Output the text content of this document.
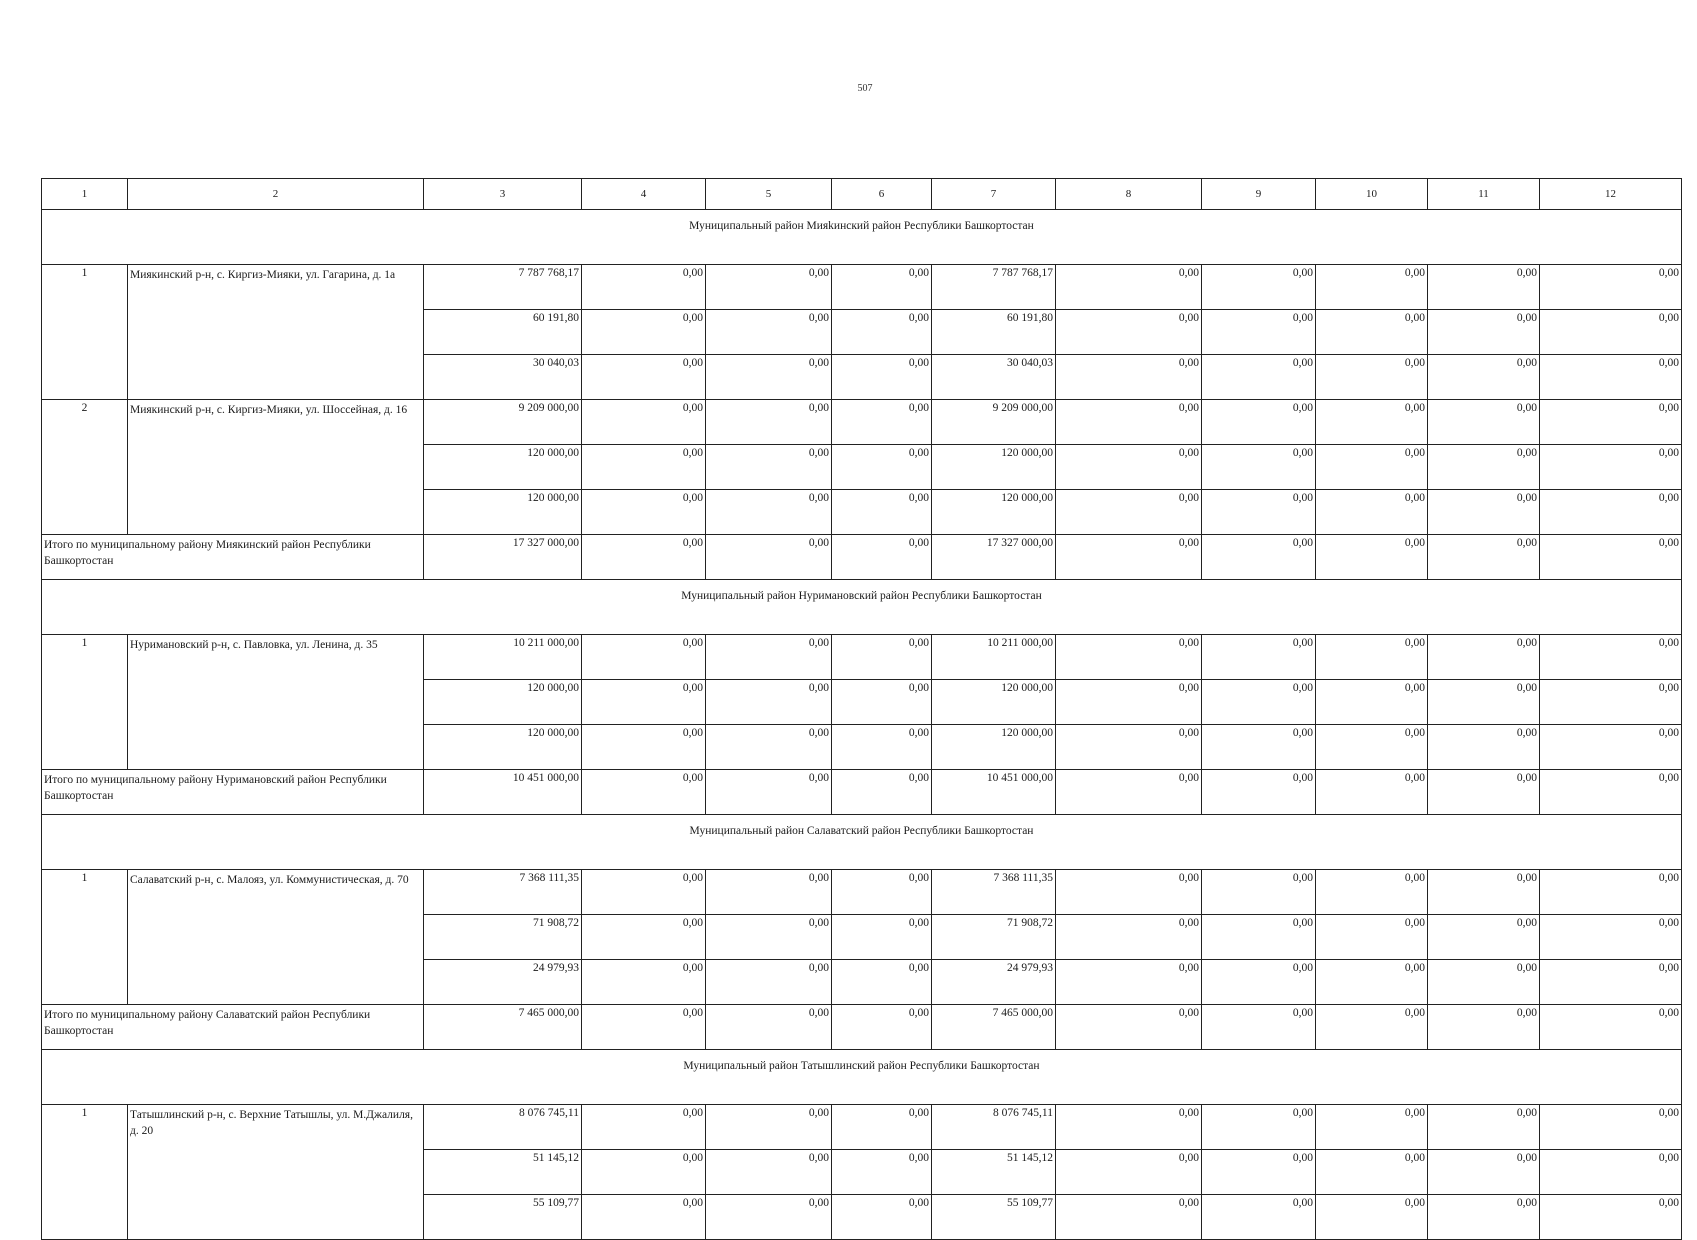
507
1	2	3	4	5	6	7	8	9	10	11	12
Муниципальный район Мияkинский район Республики Башкортостан											
1	Миякинский р-н, с. Киргиз-Мияки, ул. Гагарина, д. 1а	7 787 768,17	0,00	0,00	0,00	7 787 768,17	0,00	0,00	0,00	0,00	0,00
		60 191,80	0,00	0,00	0,00	60 191,80	0,00	0,00	0,00	0,00	0,00
		30 040,03	0,00	0,00	0,00	30 040,03	0,00	0,00	0,00	0,00	0,00
2	Миякинский р-н, с. Киргиз-Мияки, ул. Шоссейная, д. 16	9 209 000,00	0,00	0,00	0,00	9 209 000,00	0,00	0,00	0,00	0,00	0,00
		120 000,00	0,00	0,00	0,00	120 000,00	0,00	0,00	0,00	0,00	0,00
		120 000,00	0,00	0,00	0,00	120 000,00	0,00	0,00	0,00	0,00	0,00
Итого по муниципальному району Миякинский район Республики Башкортостан		17 327 000,00	0,00	0,00	0,00	17 327 000,00	0,00	0,00	0,00	0,00	0,00
Муниципальный район Нуримановский район Республики Башкортостан											
1	Нуримановский р-н, с. Павловка, ул. Ленина, д. 35	10 211 000,00	0,00	0,00	0,00	10 211 000,00	0,00	0,00	0,00	0,00	0,00
		120 000,00	0,00	0,00	0,00	120 000,00	0,00	0,00	0,00	0,00	0,00
		120 000,00	0,00	0,00	0,00	120 000,00	0,00	0,00	0,00	0,00	0,00
Итого по муниципальному району Нуримановский район Республики Башкортостан		10 451 000,00	0,00	0,00	0,00	10 451 000,00	0,00	0,00	0,00	0,00	0,00
Муниципальный район Салаватский район Республики Башкортостан											
1	Салаватский р-н, с. Малояз, ул. Коммунистическая, д. 70	7 368 111,35	0,00	0,00	0,00	7 368 111,35	0,00	0,00	0,00	0,00	0,00
		71 908,72	0,00	0,00	0,00	71 908,72	0,00	0,00	0,00	0,00	0,00
		24 979,93	0,00	0,00	0,00	24 979,93	0,00	0,00	0,00	0,00	0,00
Итого по муниципальному району Салаватский район Республики Башкортостан		7 465 000,00	0,00	0,00	0,00	7 465 000,00	0,00	0,00	0,00	0,00	0,00
Муниципальный район Татышлинский район Республики Башкортостан											
1	Татышлинский р-н, с. Верхние Татышлы, ул. М.Джалиля, д. 20	8 076 745,11	0,00	0,00	0,00	8 076 745,11	0,00	0,00	0,00	0,00	0,00
		51 145,12	0,00	0,00	0,00	51 145,12	0,00	0,00	0,00	0,00	0,00
		55 109,77	0,00	0,00	0,00	55 109,77	0,00	0,00	0,00	0,00	0,00
